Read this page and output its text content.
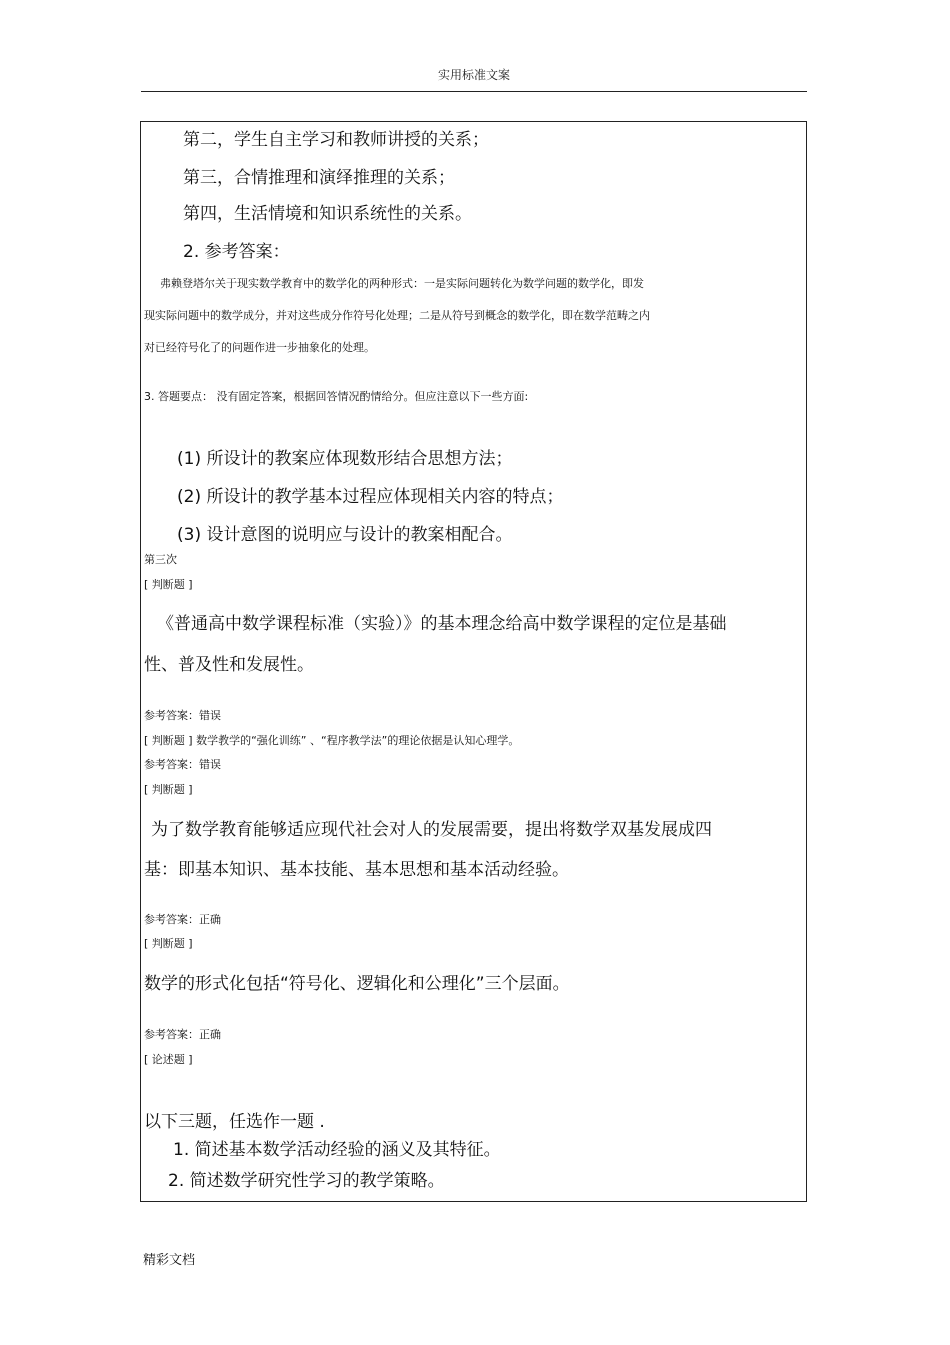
实用标准文案
第二，学生自主学习和教师讲授的关系；
第三，合情推理和演绎推理的关系；
第四，生活情境和知识系统性的关系。
2. 参考答案：
弗赖登塔尔关于现实数学教育中的数学化的两种形式：一是实际问题转化为数学问题的数学化，即发
现实际问题中的数学成分，并对这些成分作符号化处理；二是从符号到概念的数学化，即在数学范畴之内
对已经符号化了的问题作进一步抽象化的处理。
3. 答题要点： 没有固定答案，根据回答情况酌情给分。但应注意以下一些方面:
(1) 所设计的教案应体现数形结合思想方法；
(2) 所设计的教学基本过程应体现相关内容的特点；
(3) 设计意图的说明应与设计的教案相配合。
第三次
[ 判断题 ]
《普通高中数学课程标准（实验）》的基本理念给高中数学课程的定位是基础
性、普及性和发展性。
参考答案：错误
[ 判断题 ] 数学教学的“强化训练” 、“程序教学法”的理论依据是认知心理学。
参考答案：错误
[ 判断题 ]
为了数学教育能够适应现代社会对人的发展需要，提出将数学双基发展成四
基：即基本知识、基本技能、基本思想和基本活动经验。
参考答案：正确
[ 判断题 ]
数学的形式化包括“符号化、逻辑化和公理化”三个层面。
参考答案：正确
[ 论述题 ]
以下三题，任选作一题 .
1. 简述基本数学活动经验的涵义及其特征。
2. 简述数学研究性学习的教学策略。
精彩文档
